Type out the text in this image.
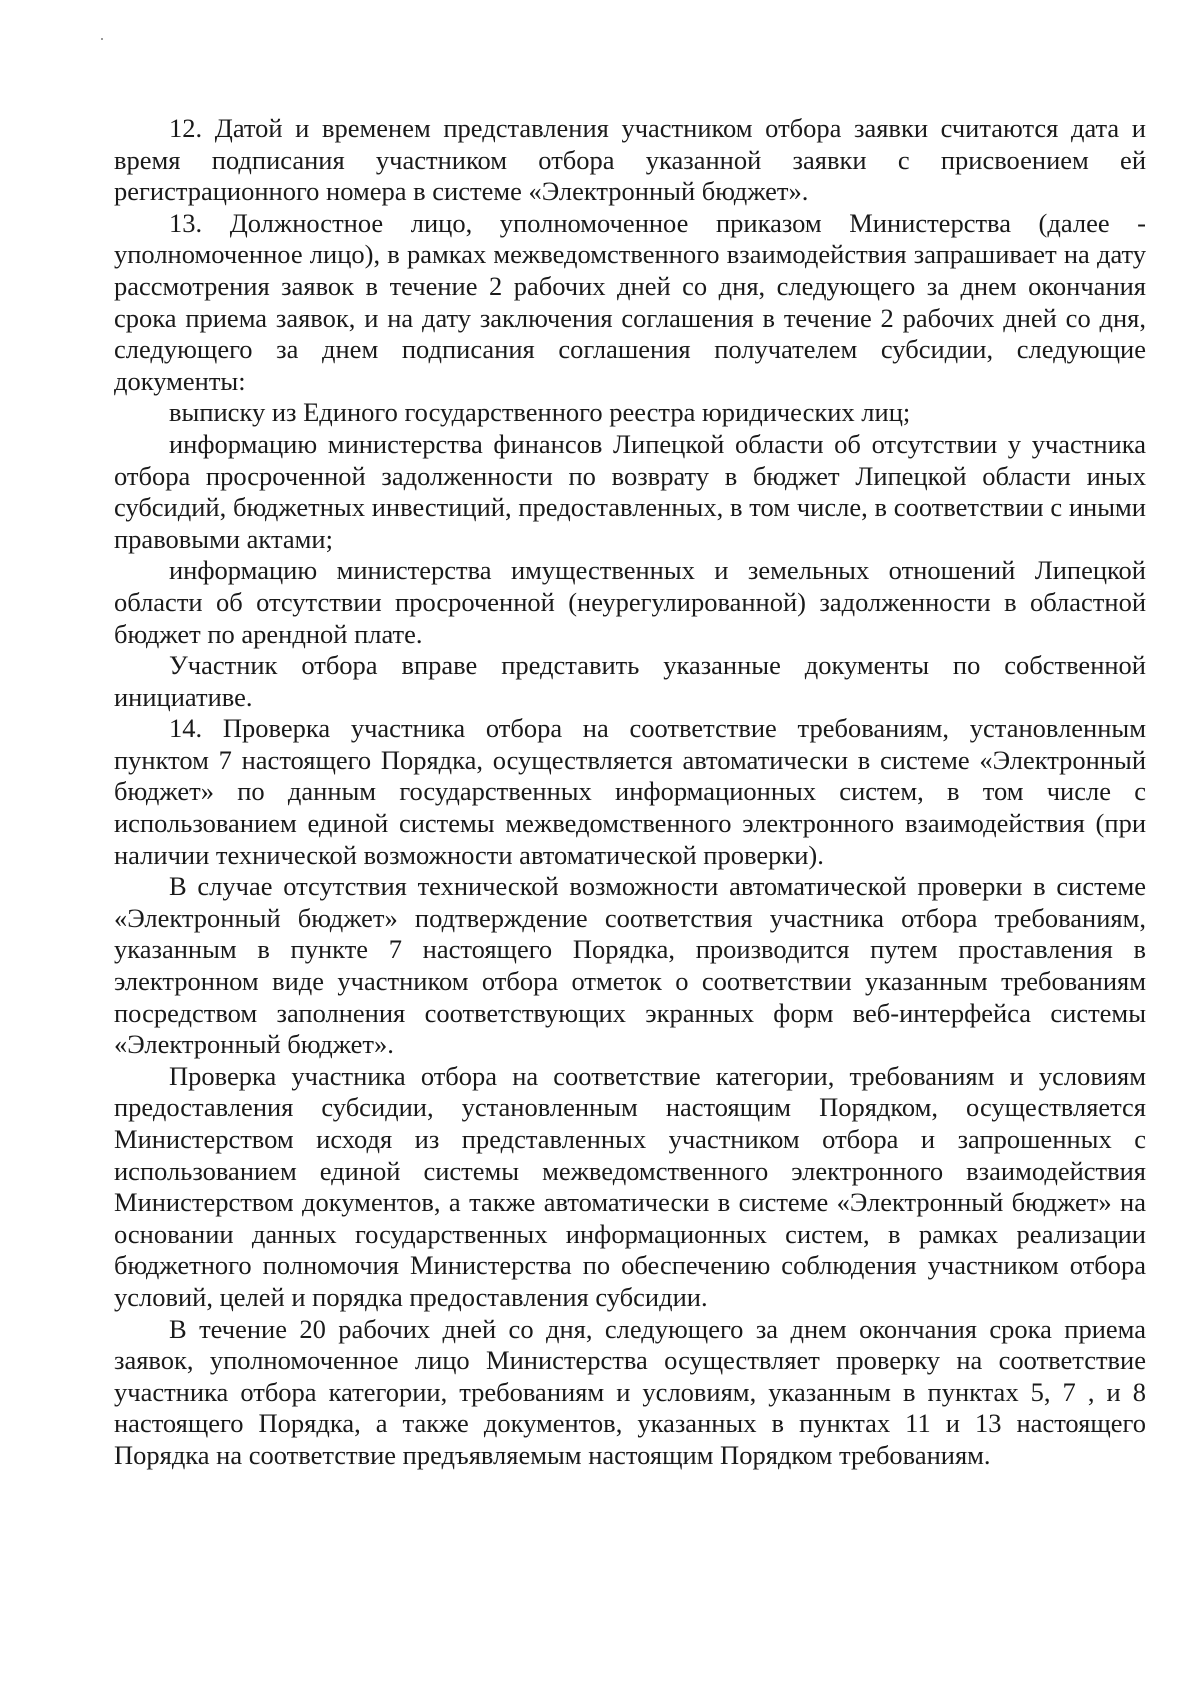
12. Датой и временем представления участником отбора заявки считаются дата и время подписания участником отбора указанной заявки с присвоением ей регистрационного номера в системе «Электронный бюджет».

13. Должностное лицо, уполномоченное приказом Министерства (далее - уполномоченное лицо), в рамках межведомственного взаимодействия запрашивает на дату рассмотрения заявок в течение 2 рабочих дней со дня, следующего за днем окончания срока приема заявок, и на дату заключения соглашения в течение 2 рабочих дней со дня, следующего за днем подписания соглашения получателем субсидии, следующие документы:

выписку из Единого государственного реестра юридических лиц;

информацию министерства финансов Липецкой области об отсутствии у участника отбора просроченной задолженности по возврату в бюджет Липецкой области иных субсидий, бюджетных инвестиций, предоставленных, в том числе, в соответствии с иными правовыми актами;

информацию министерства имущественных и земельных отношений Липецкой области об отсутствии просроченной (неурегулированной) задолженности в областной бюджет по арендной плате.

Участник отбора вправе представить указанные документы по собственной инициативе.

14. Проверка участника отбора на соответствие требованиям, установленным пунктом 7 настоящего Порядка, осуществляется автоматически в системе «Электронный бюджет» по данным государственных информационных систем, в том числе с использованием единой системы межведомственного электронного взаимодействия (при наличии технической возможности автоматической проверки).

В случае отсутствия технической возможности автоматической проверки в системе «Электронный бюджет» подтверждение соответствия участника отбора требованиям, указанным в пункте 7 настоящего Порядка, производится путем проставления в электронном виде участником отбора отметок о соответствии указанным требованиям посредством заполнения соответствующих экранных форм веб-интерфейса системы «Электронный бюджет».

Проверка участника отбора на соответствие категории, требованиям и условиям предоставления субсидии, установленным настоящим Порядком, осуществляется Министерством исходя из представленных участником отбора и запрошенных с использованием единой системы межведомственного электронного взаимодействия Министерством документов, а также автоматически в системе «Электронный бюджет» на основании данных государственных информационных систем, в рамках реализации бюджетного полномочия Министерства по обеспечению соблюдения участником отбора условий, целей и порядка предоставления субсидии.

В течение 20 рабочих дней со дня, следующего за днем окончания срока приема заявок, уполномоченное лицо Министерства осуществляет проверку на соответствие участника отбора категории, требованиям и условиям, указанным в пунктах 5, 7 , и 8 настоящего Порядка, а также документов, указанных в пунктах 11 и 13 настоящего Порядка на соответствие предъявляемым настоящим Порядком требованиям.
